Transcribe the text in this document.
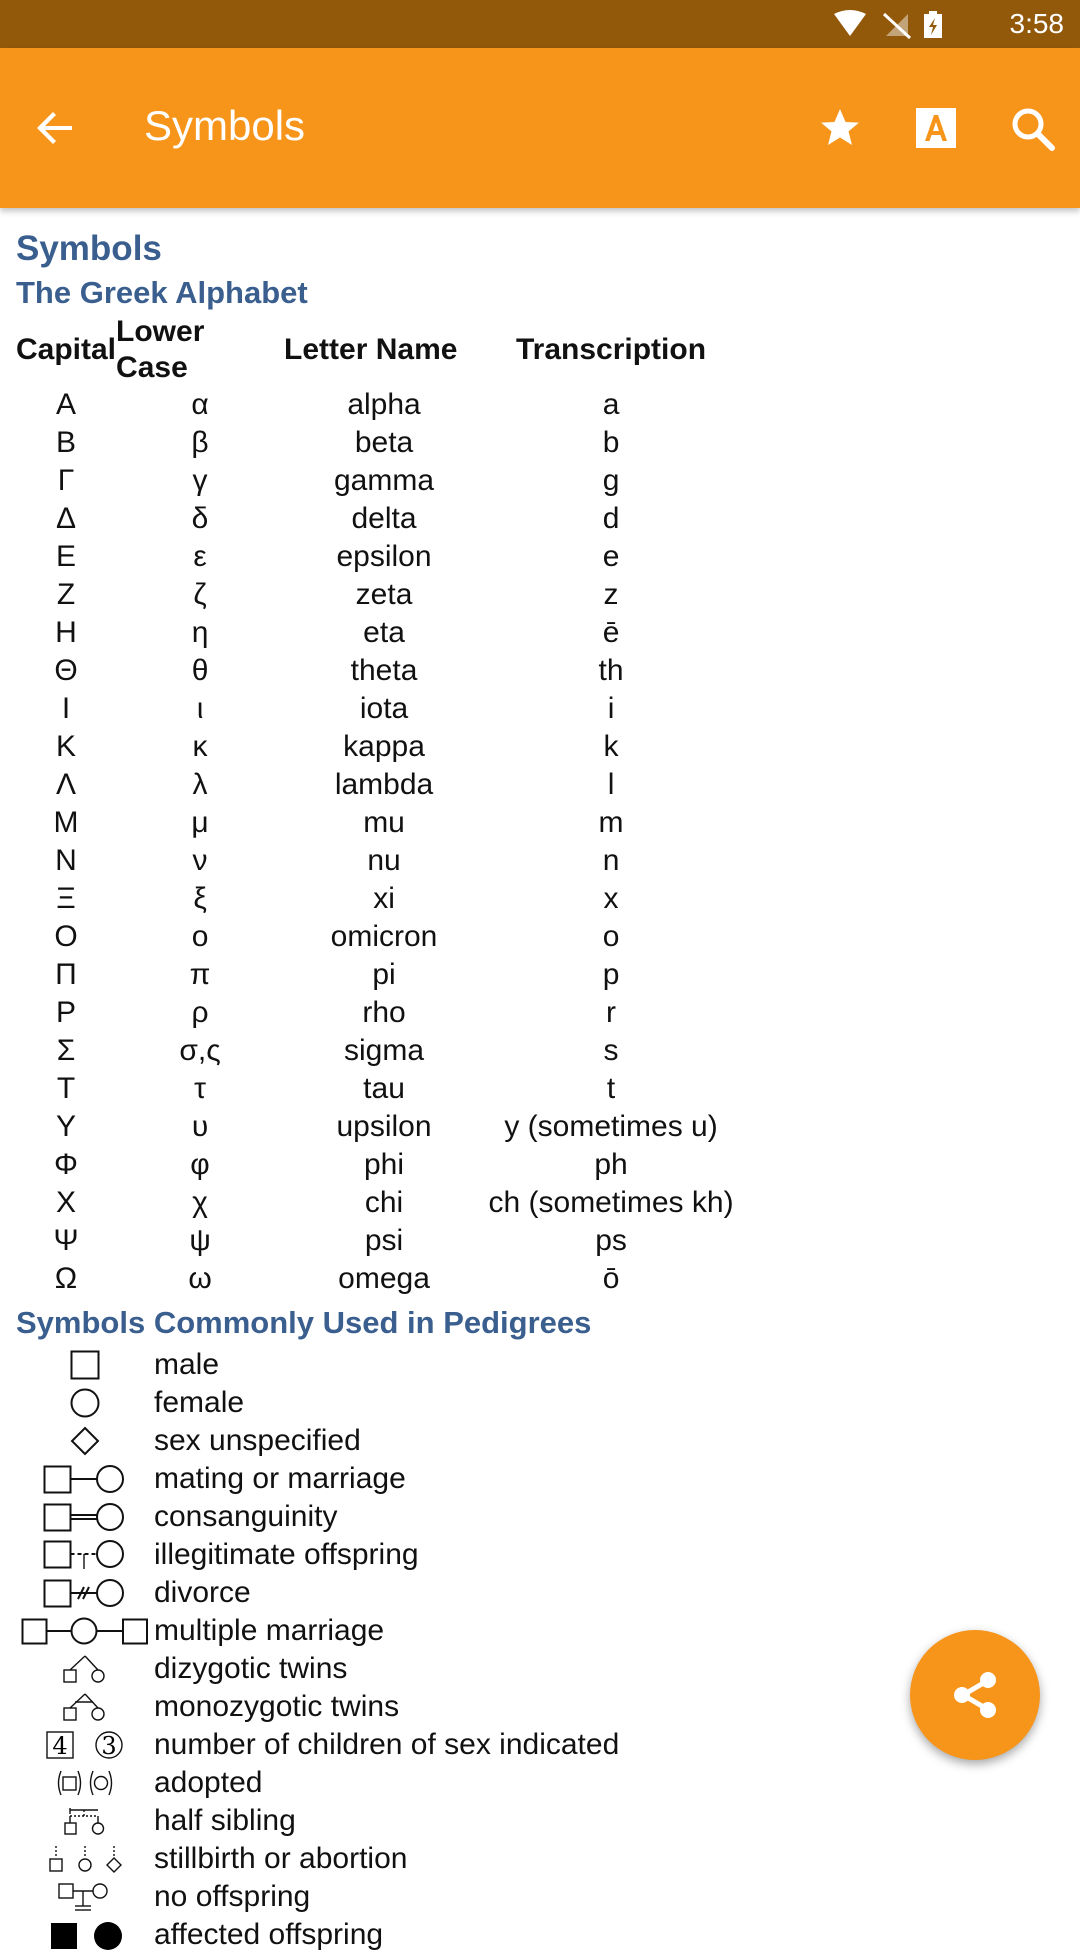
3:58
Symbols
Symbols
The Greek Alphabet
Capital	Lower Case	Letter Name	Transcription
Α	α	alpha	a
Β	β	beta	b
Γ	γ	gamma	g
Δ	δ	delta	d
Ε	ε	epsilon	e
Ζ	ζ	zeta	z
Η	η	eta	ē
Θ	θ	theta	th
Ι	ι	iota	i
Κ	κ	kappa	k
Λ	λ	lambda	l
Μ	μ	mu	m
Ν	ν	nu	n
Ξ	ξ	xi	x
Ο	ο	omicron	o
Π	π	pi	p
Ρ	ρ	rho	r
Σ	σ,ς	sigma	s
Τ	τ	tau	t
Υ	υ	upsilon	y (sometimes u)
Φ	φ	phi	ph
Χ	χ	chi	ch (sometimes kh)
Ψ	ψ	psi	ps
Ω	ω	omega	ō
Symbols Commonly Used in Pedigrees
male
female
sex unspecified
mating or marriage
consanguinity
illegitimate offspring
divorce
multiple marriage
dizygotic twins
monozygotic twins
4 3 number of children of sex indicated
adopted
half sibling
stillbirth or abortion
no offspring
affected offspring
